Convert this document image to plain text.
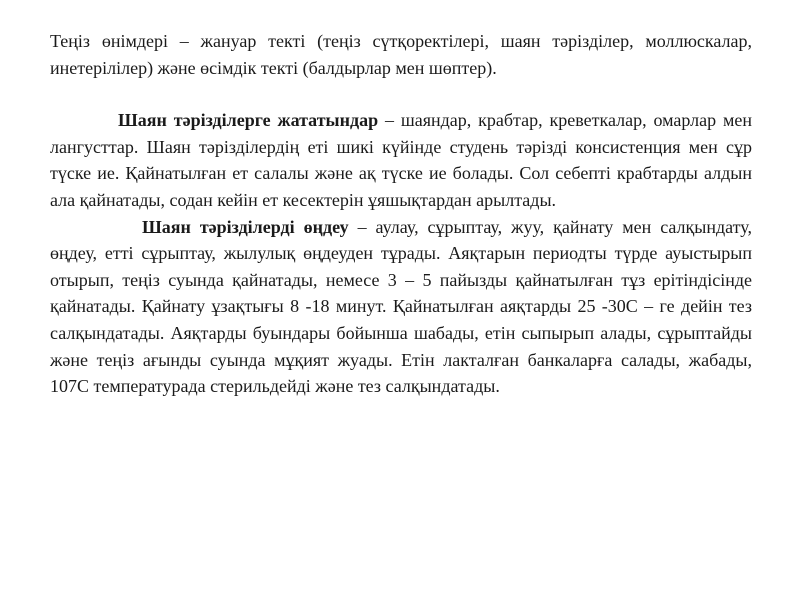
Теңіз өнімдері – жануар текті (теңіз сүтқоректілері, шаян тәрізділер, моллюскалар, инетерілілер) және өсімдік текті (балдырлар мен шөптер).

Шаян тәрізділерге жататындар – шаяндар, крабтар, креветкалар, омарлар мен лангусттар. Шаян тәрізділердің еті шикі күйінде студень тәрізді консистенция мен сұр түске ие. Қайнатылған ет салалы және ақ түске ие болады. Сол себепті крабтарды алдын ала қайнатады, содан кейін ет кесектерін ұяшықтардан арылтады.

Шаян тәрізділерді өңдеу – аулау, сұрыптау, жуу, қайнату мен салқындату, өңдеу, етті сұрыптау, жылулық өңдеуден тұрады. Аяқтарын периодты түрде ауыстырып отырып, теңіз суында қайнатады, немесе 3 – 5 пайызды қайнатылған тұз ерітіндісінде қайнатады. Қайнату ұзақтығы 8 -18 минут. Қайнатылған аяқтарды 25 -30С – ге дейін тез салқындатады. Аяқтарды буындары бойынша шабады, етін сыпырып алады, сұрыптайды және теңіз ағынды суында мұқият жуады. Етін лакталған банкаларға салады, жабады, 107С температурада стерильдейді және тез салқындатады.
